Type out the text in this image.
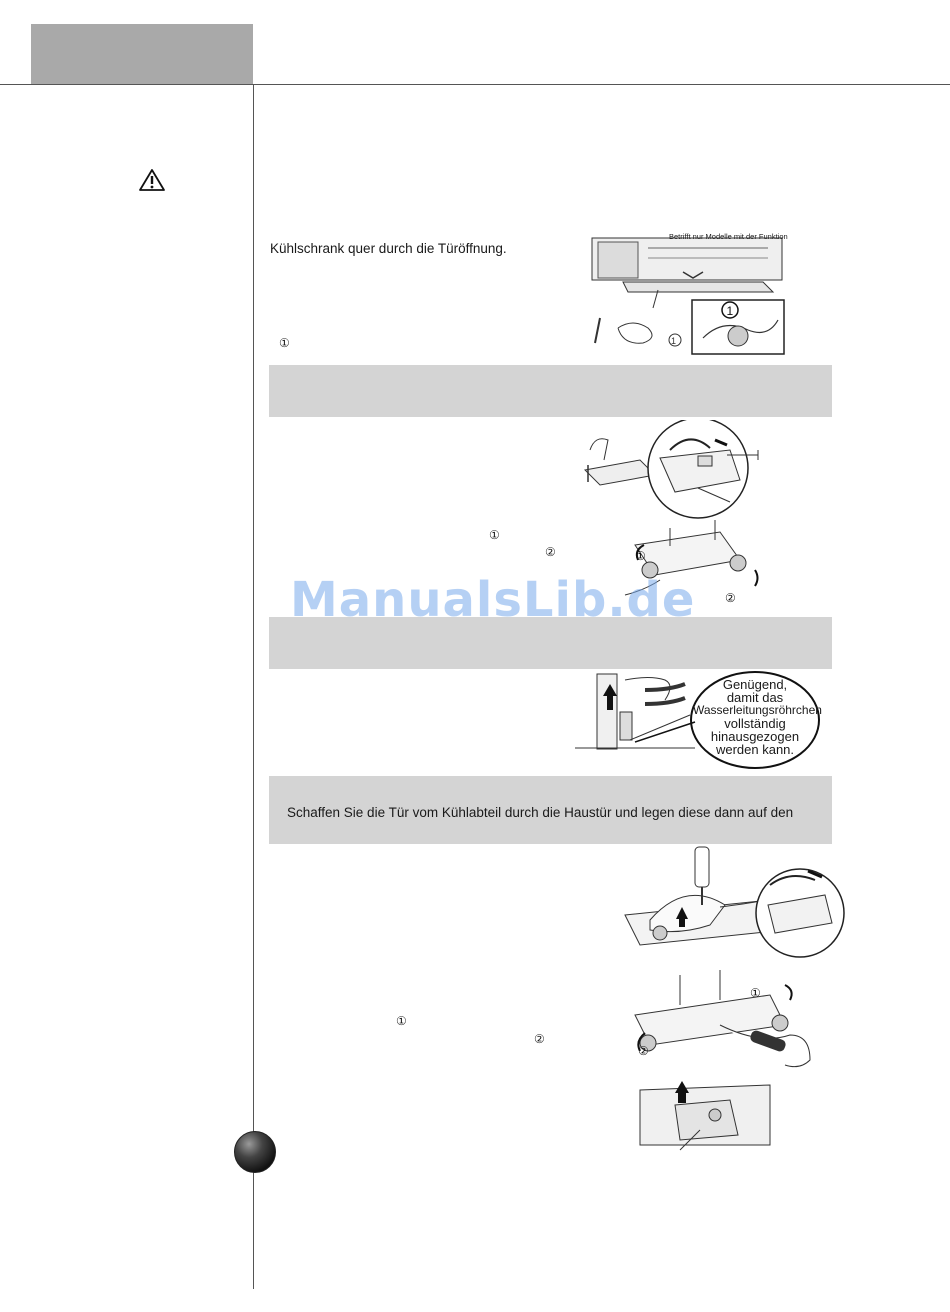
Kühlschrank quer durch die Türöffnung.
①
1
1
Betrifft nur Modelle mit der Funktion
①
②	①
②
Genügend,
damit das
Wasserleitungsröhrchen
vollständig
hinausgezogen
werden kann.
Schaffen Sie die Tür vom Kühlabteil durch die Haustür und legen diese dann auf den
①
②
①
②
ManualsLib.de
